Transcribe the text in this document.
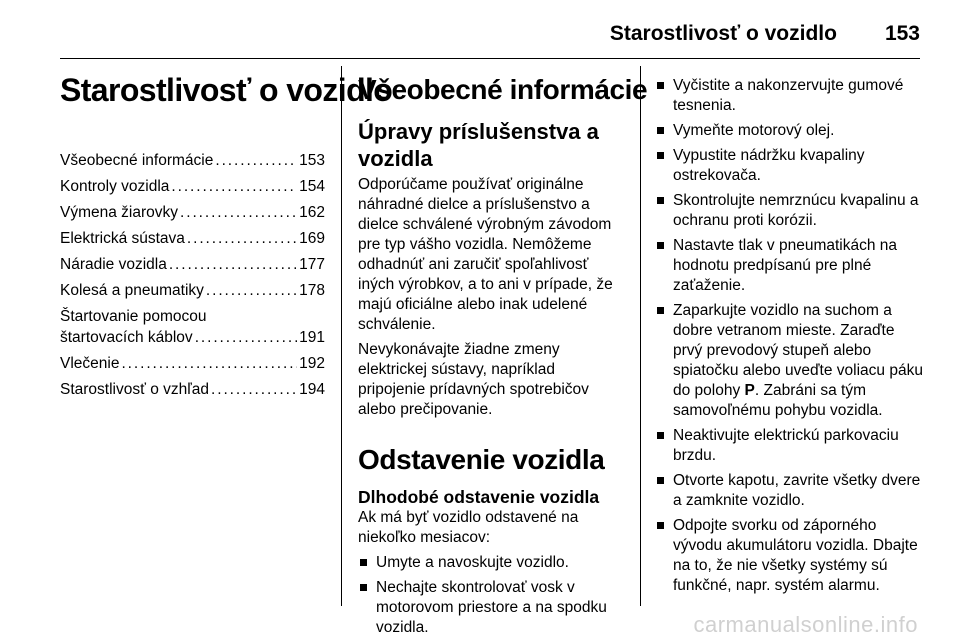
Starostlivosť o vozidlo 153
Starostlivosť o vozidlo
Všeobecné informácie . . .	153
Kontroly vozidla . . .	154
Výmena žiarovky . . .	162
Elektrická sústava . . .	169
Náradie vozidla . . .	177
Kolesá a pneumatiky . . .	178
Štartovanie pomocou
štartovacích káblov . . .	191
Vlečenie . . .	192
Starostlivosť o vzhľad . . .	194
Všeobecné informácie
Úpravy príslušenstva a vozidla

Odporúčame používať originálne náhradné dielce a príslušenstvo a dielce schválené výrobným závodom pre typ vášho vozidla. Nemôžeme odhadnúť ani zaručiť spoľahlivosť iných výrobkov, a to ani v prípade, že majú oficiálne alebo inak udelené schválenie.

Nevykonávajte žiadne zmeny elektrickej sústavy, napríklad pripojenie prídavných spotrebičov alebo prečipovanie.

Odstavenie vozidla
Dlhodobé odstavenie vozidla

Ak má byť vozidlo odstavené na niekoľko mesiacov:

Umyte a navoskujte vozidlo.
Nechajte skontrolovať vosk v motorovom priestore a na spodku vozidla.
Vyčistite a nakonzervujte gumové tesnenia.
Vymeňte motorový olej.
Vypustite nádržku kvapaliny ostrekovača.
Skontrolujte nemrznúcu kvapalinu a ochranu proti korózii.
Nastavte tlak v pneumatikách na hodnotu predpísanú pre plné zaťaženie.
Zaparkujte vozidlo na suchom a dobre vetranom mieste. Zaraďte prvý prevodový stupeň alebo spiatočku alebo uveďte voliacu páku do polohy P. Zabráni sa tým samovoľnému pohybu vozidla.
Neaktivujte elektrickú parkovaciu brzdu.
Otvorte kapotu, zavrite všetky dvere a zamknite vozidlo.
Odpojte svorku od záporného vývodu akumulátoru vozidla. Dbajte na to, že nie všetky systémy sú funkčné, napr. systém alarmu.
carmanualsonline.info
